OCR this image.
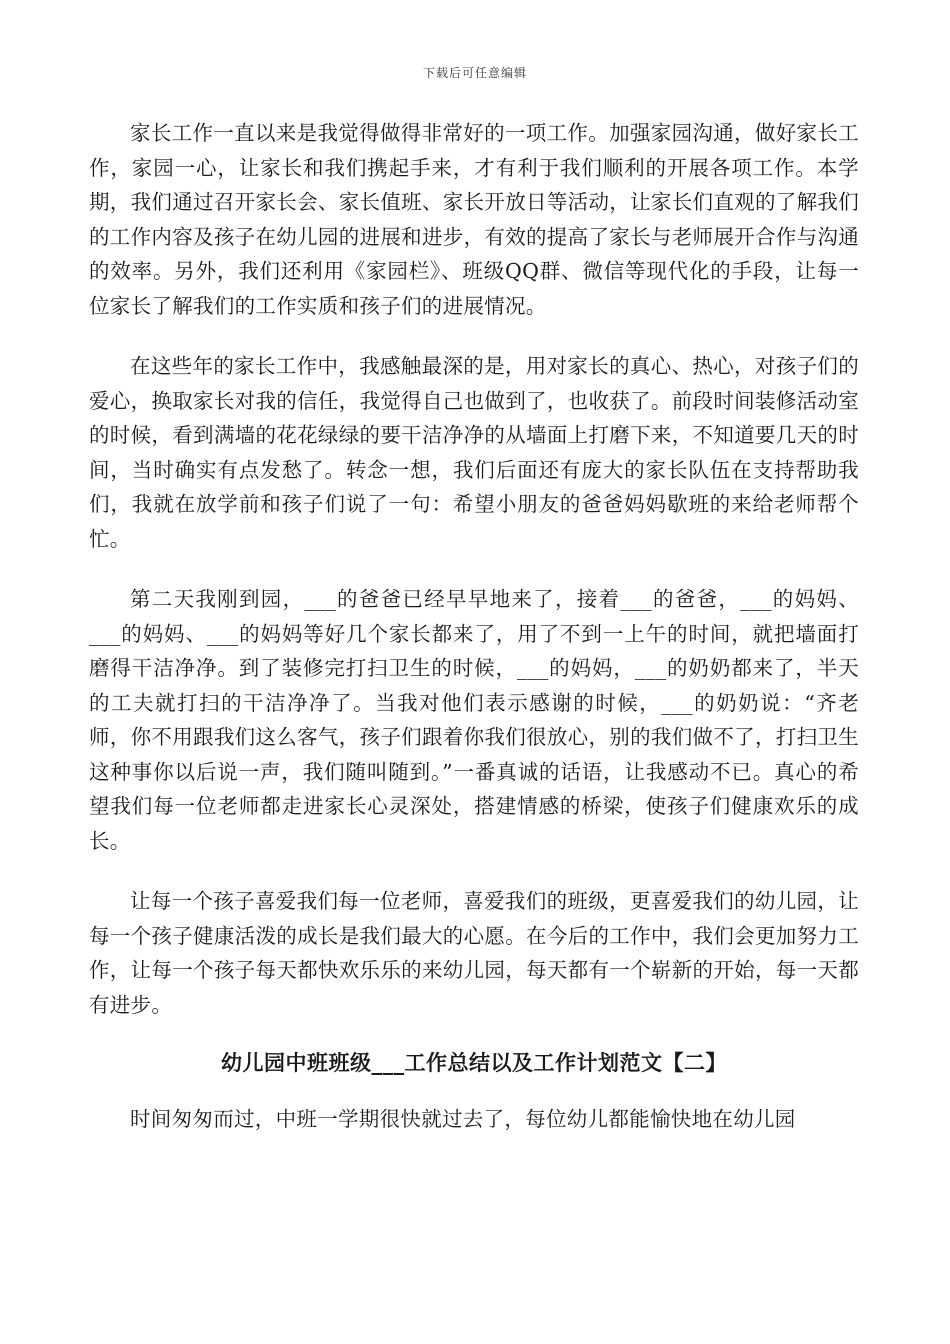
下载后可任意编辑

家长工作一直以来是我觉得做得非常好的一项工作。加强家园沟通，做好家长工作，家园一心，让家长和我们携起手来，才有利于我们顺利的开展各项工作。本学期，我们通过召开家长会、家长值班、家长开放日等活动，让家长们直观的了解我们的工作内容及孩子在幼儿园的进展和进步，有效的提高了家长与老师展开合作与沟通的效率。另外，我们还利用《家园栏》、班级QQ群、微信等现代化的手段，让每一位家长了解我们的工作实质和孩子们的进展情况。

在这些年的家长工作中，我感触最深的是，用对家长的真心、热心，对孩子们的爱心，换取家长对我的信任，我觉得自己也做到了，也收获了。前段时间装修活动室的时候，看到满墙的花花绿绿的要干洁净净的从墙面上打磨下来，不知道要几天的时间，当时确实有点发愁了。转念一想，我们后面还有庞大的家长队伍在支持帮助我们，我就在放学前和孩子们说了一句：希望小朋友的爸爸妈妈歇班的来给老师帮个忙。

第二天我刚到园，___的爸爸已经早早地来了，接着___的爸爸，___的妈妈、___的妈妈、___的妈妈等好几个家长都来了，用了不到一上午的时间，就把墙面打磨得干洁净净。到了装修完打扫卫生的时候，___的妈妈，___的奶奶都来了，半天的工夫就打扫的干洁净净了。当我对他们表示感谢的时候，___的奶奶说：“齐老师，你不用跟我们这么客气，孩子们跟着你我们很放心，别的我们做不了，打扫卫生这种事你以后说一声，我们随叫随到。”一番真诚的话语，让我感动不已。真心的希望我们每一位老师都走进家长心灵深处，搭建情感的桥梁，使孩子们健康欢乐的成长。

让每一个孩子喜爱我们每一位老师，喜爱我们的班级，更喜爱我们的幼儿园，让每一个孩子健康活泼的成长是我们最大的心愿。在今后的工作中，我们会更加努力工作，让每一个孩子每天都快欢乐乐的来幼儿园，每天都有一个崭新的开始，每一天都有进步。

幼儿园中班班级___工作总结以及工作计划范文【二】

时间匆匆而过，中班一学期很快就过去了，每位幼儿都能愉快地在幼儿园
